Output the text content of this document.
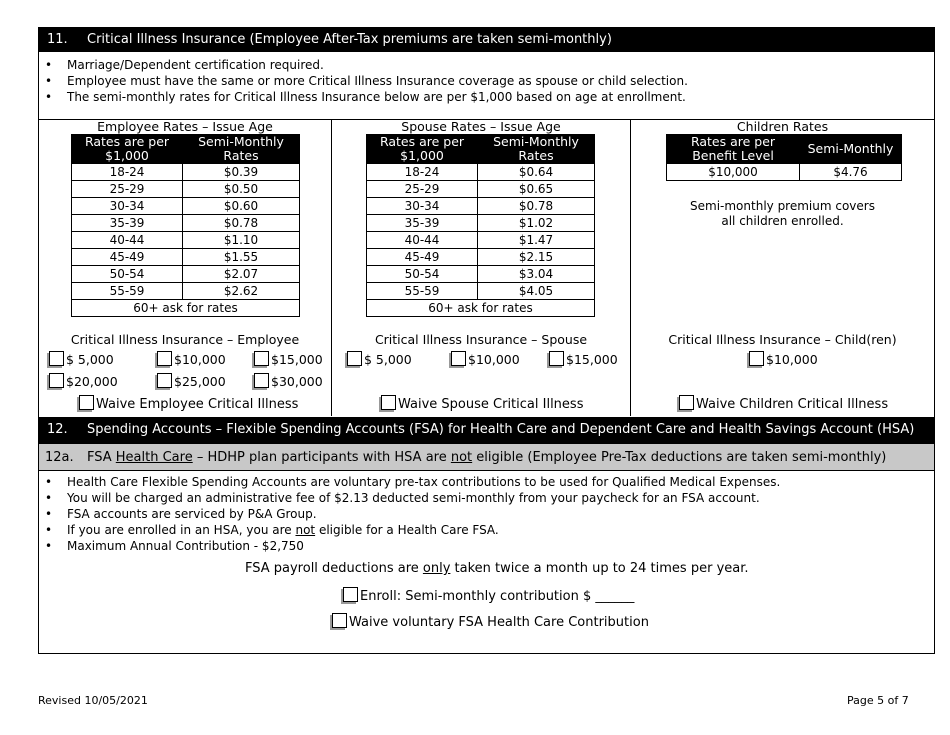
11. Critical Illness Insurance (Employee After-Tax premiums are taken semi-monthly)
• Marriage/Dependent certification required.
• Employee must have the same or more Critical Illness Insurance coverage as spouse or child selection.
• The semi-monthly rates for Critical Illness Insurance below are per $1,000 based on age at enrollment.
Employee Rates – Issue Age
Rates are per $1,000	Semi-Monthly Rates
18-24	$0.39
25-29	$0.50
30-34	$0.60
35-39	$0.78
40-44	$1.10
45-49	$1.55
50-54	$2.07
55-59	$2.62
60+ ask for rates	
Critical Illness Insurance – Employee
$ 5,000	$10,000	$15,000
$20,000	$25,000	$30,000
Waive Employee Critical Illness
Spouse Rates – Issue Age
Rates are per $1,000	Semi-Monthly Rates
18-24	$0.64
25-29	$0.65
30-34	$0.78
35-39	$1.02
40-44	$1.47
45-49	$2.15
50-54	$3.04
55-59	$4.05
60+ ask for rates	
Critical Illness Insurance – Spouse
$ 5,000	$10,000	$15,000
Waive Spouse Critical Illness
Children Rates
Rates are per Benefit Level	Semi-Monthly
$10,000	$4.76
Semi-monthly premium covers
all children enrolled.
Critical Illness Insurance – Child(ren)
$10,000
Waive Children Critical Illness
12. Spending Accounts – Flexible Spending Accounts (FSA) for Health Care and Dependent Care and Health Savings Account (HSA)
12a. FSA Health Care – HDHP plan participants with HSA are not eligible (Employee Pre-Tax deductions are taken semi-monthly)
• Health Care Flexible Spending Accounts are voluntary pre-tax contributions to be used for Qualified Medical Expenses.
• You will be charged an administrative fee of $2.13 deducted semi-monthly from your paycheck for an FSA account.
• FSA accounts are serviced by P&A Group.
• If you are enrolled in an HSA, you are not eligible for a Health Care FSA.
• Maximum Annual Contribution - $2,750
FSA payroll deductions are only taken twice a month up to 24 times per year.
Enroll: Semi-monthly contribution $ ______
Waive voluntary FSA Health Care Contribution
Revised 10/05/2021	Page 5 of 7
